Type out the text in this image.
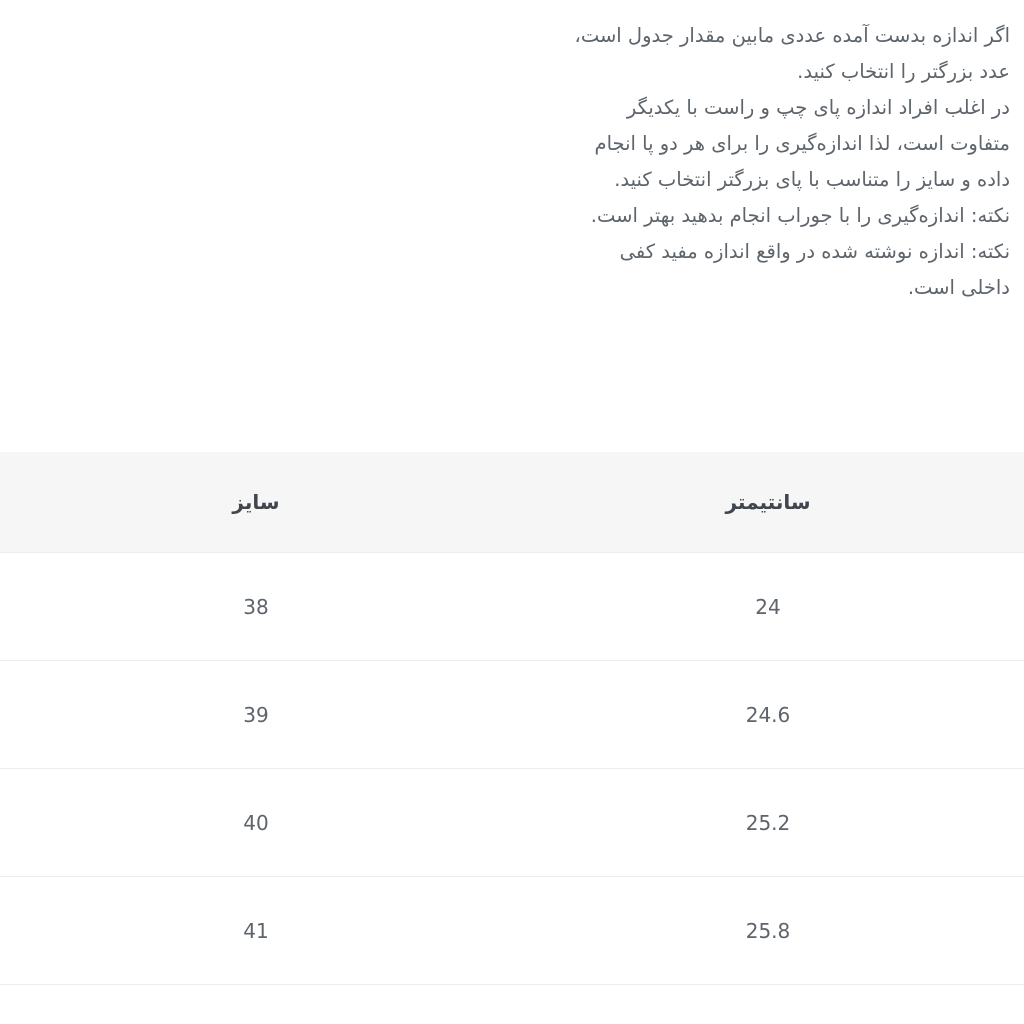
اگر اندازه بدست آمده عددی مابین مقدار جدول است،
عدد بزرگتر را انتخاب کنید.
در اغلب افراد اندازه پای چپ و راست با یکدیگر
متفاوت است، لذا اندازه‌گیری را برای هر دو پا انجام
داده و سایز را متناسب با پای بزرگتر انتخاب کنید.
نکته: اندازه‌گیری را با جوراب انجام بدهید بهتر است.
نکته: اندازه نوشته شده در واقع اندازه مفید کفی
داخلی است.

سانتیمتر	سایز
24	38
24.6	39
25.2	40
25.8	41
